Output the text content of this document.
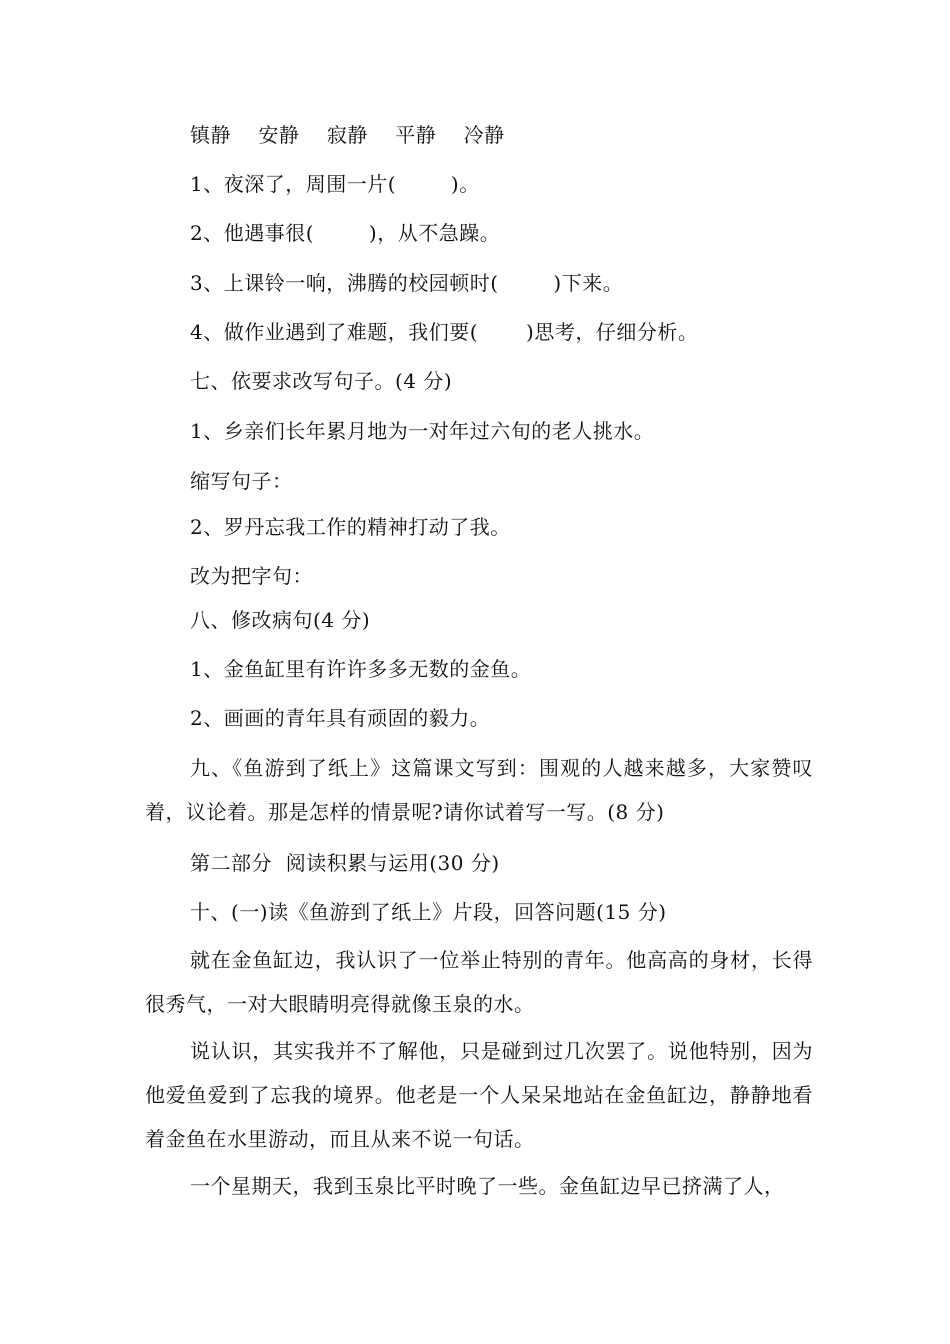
镇静    安静    寂静    平静    冷静
1、夜深了，周围一片(        )。
2、他遇事很(        )，从不急躁。
3、上课铃一响，沸腾的校园顿时(        )下来。
4、做作业遇到了难题，我们要(       )思考，仔细分析。
七、依要求改写句子。(4 分)
1、乡亲们长年累月地为一对年过六旬的老人挑水。
缩写句子：
2、罗丹忘我工作的精神打动了我。
改为把字句：
八、修改病句(4 分)
1、金鱼缸里有许许多多无数的金鱼。
2、画画的青年具有顽固的毅力。
九、《鱼游到了纸上》这篇课文写到：围观的人越来越多，大家赞叹着，议论着。那是怎样的情景呢?请你试着写一写。(8 分)
第二部分  阅读积累与运用(30 分)
十、(一)读《鱼游到了纸上》片段，回答问题(15 分)
就在金鱼缸边，我认识了一位举止特别的青年。他高高的身材，长得很秀气，一对大眼睛明亮得就像玉泉的水。
说认识，其实我并不了解他，只是碰到过几次罢了。说他特别，因为他爱鱼爱到了忘我的境界。他老是一个人呆呆地站在金鱼缸边，静静地看着金鱼在水里游动，而且从来不说一句话。
一个星期天，我到玉泉比平时晚了一些。金鱼缸边早已挤满了人，
